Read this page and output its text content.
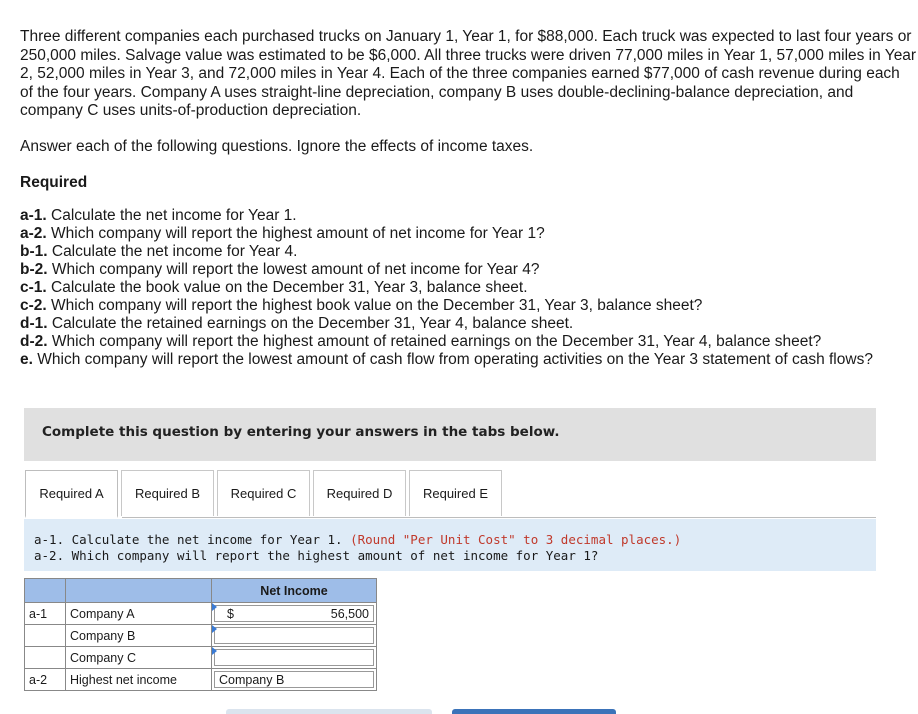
Three different companies each purchased trucks on January 1, Year 1, for $88,000. Each truck was expected to last four years or
250,000 miles. Salvage value was estimated to be $6,000. All three trucks were driven 77,000 miles in Year 1, 57,000 miles in Year
2, 52,000 miles in Year 3, and 72,000 miles in Year 4. Each of the three companies earned $77,000 of cash revenue during each
of the four years. Company A uses straight-line depreciation, company B uses double-declining-balance depreciation, and
company C uses units-of-production depreciation.
Answer each of the following questions. Ignore the effects of income taxes.
Required
a-1. Calculate the net income for Year 1.
a-2. Which company will report the highest amount of net income for Year 1?
b-1. Calculate the net income for Year 4.
b-2. Which company will report the lowest amount of net income for Year 4?
c-1. Calculate the book value on the December 31, Year 3, balance sheet.
c-2. Which company will report the highest book value on the December 31, Year 3, balance sheet?
d-1. Calculate the retained earnings on the December 31, Year 4, balance sheet.
d-2. Which company will report the highest amount of retained earnings on the December 31, Year 4, balance sheet?
e. Which company will report the lowest amount of cash flow from operating activities on the Year 3 statement of cash flows?
Complete this question by entering your answers in the tabs below.
Required A	Required B	Required C	Required D	Required E
a-1. Calculate the net income for Year 1. (Round "Per Unit Cost" to 3 decimal places.)
a-2. Which company will report the highest amount of net income for Year 1?
		Net Income
a-1	Company A	$ 56,500

	Company B	

	Company C	

a-2	Highest net income	Company B
